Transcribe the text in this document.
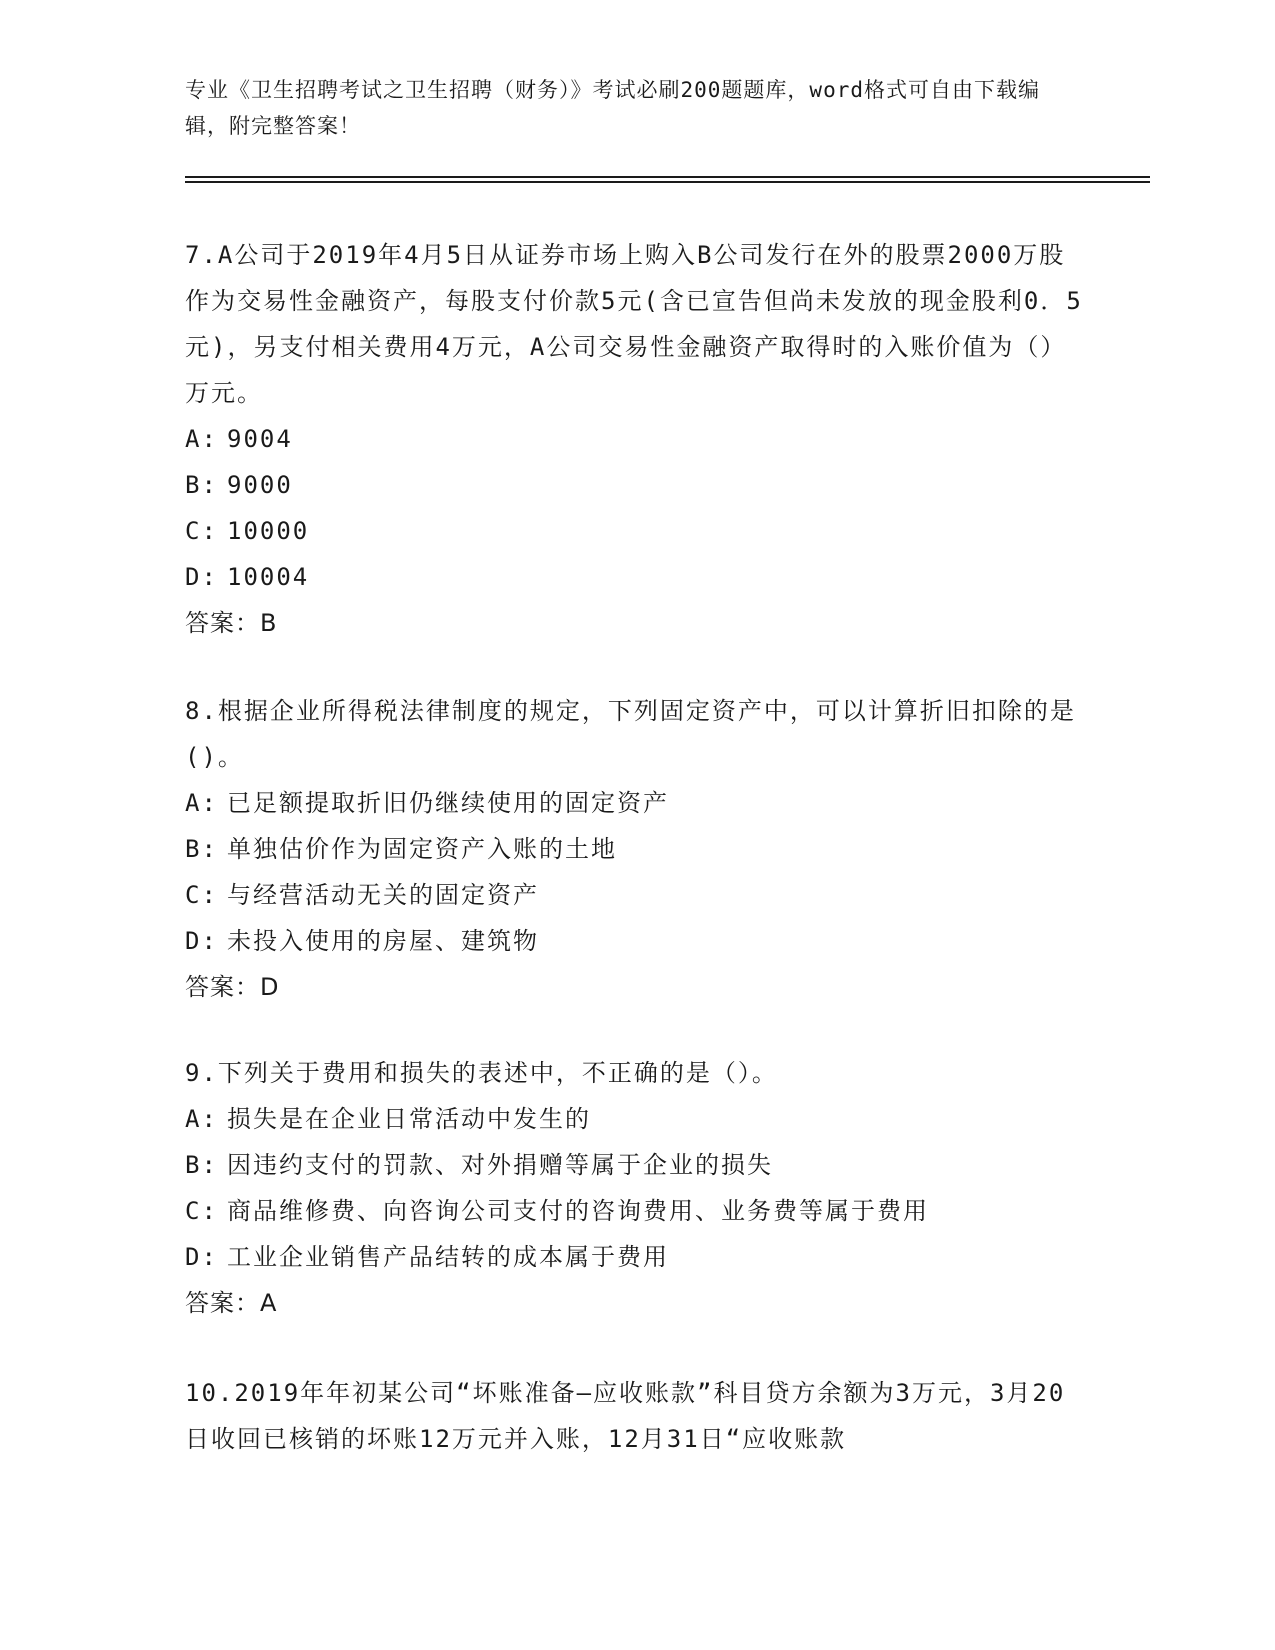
专业《卫生招聘考试之卫生招聘（财务）》考试必刷200题题库，word格式可自由下载编辑，附完整答案！
7.A公司于2019年4月5日从证券市场上购入B公司发行在外的股票2000万股作为交易性金融资产，每股支付价款5元(含已宣告但尚未发放的现金股利0．5元)，另支付相关费用4万元，A公司交易性金融资产取得时的入账价值为（）万元。
A: 9004
B: 9000
C: 10000
D: 10004
答案：B
8.根据企业所得税法律制度的规定，下列固定资产中，可以计算折旧扣除的是()。
A: 已足额提取折旧仍继续使用的固定资产
B: 单独估价作为固定资产入账的土地
C: 与经营活动无关的固定资产
D: 未投入使用的房屋、建筑物
答案：D
9.下列关于费用和损失的表述中，不正确的是（）。
A: 损失是在企业日常活动中发生的
B: 因违约支付的罚款、对外捐赠等属于企业的损失
C: 商品维修费、向咨询公司支付的咨询费用、业务费等属于费用
D: 工业企业销售产品结转的成本属于费用
答案：A
10.2019年年初某公司“坏账准备—应收账款”科目贷方余额为3万元，3月20日收回已核销的坏账12万元并入账，12月31日“应收账款
